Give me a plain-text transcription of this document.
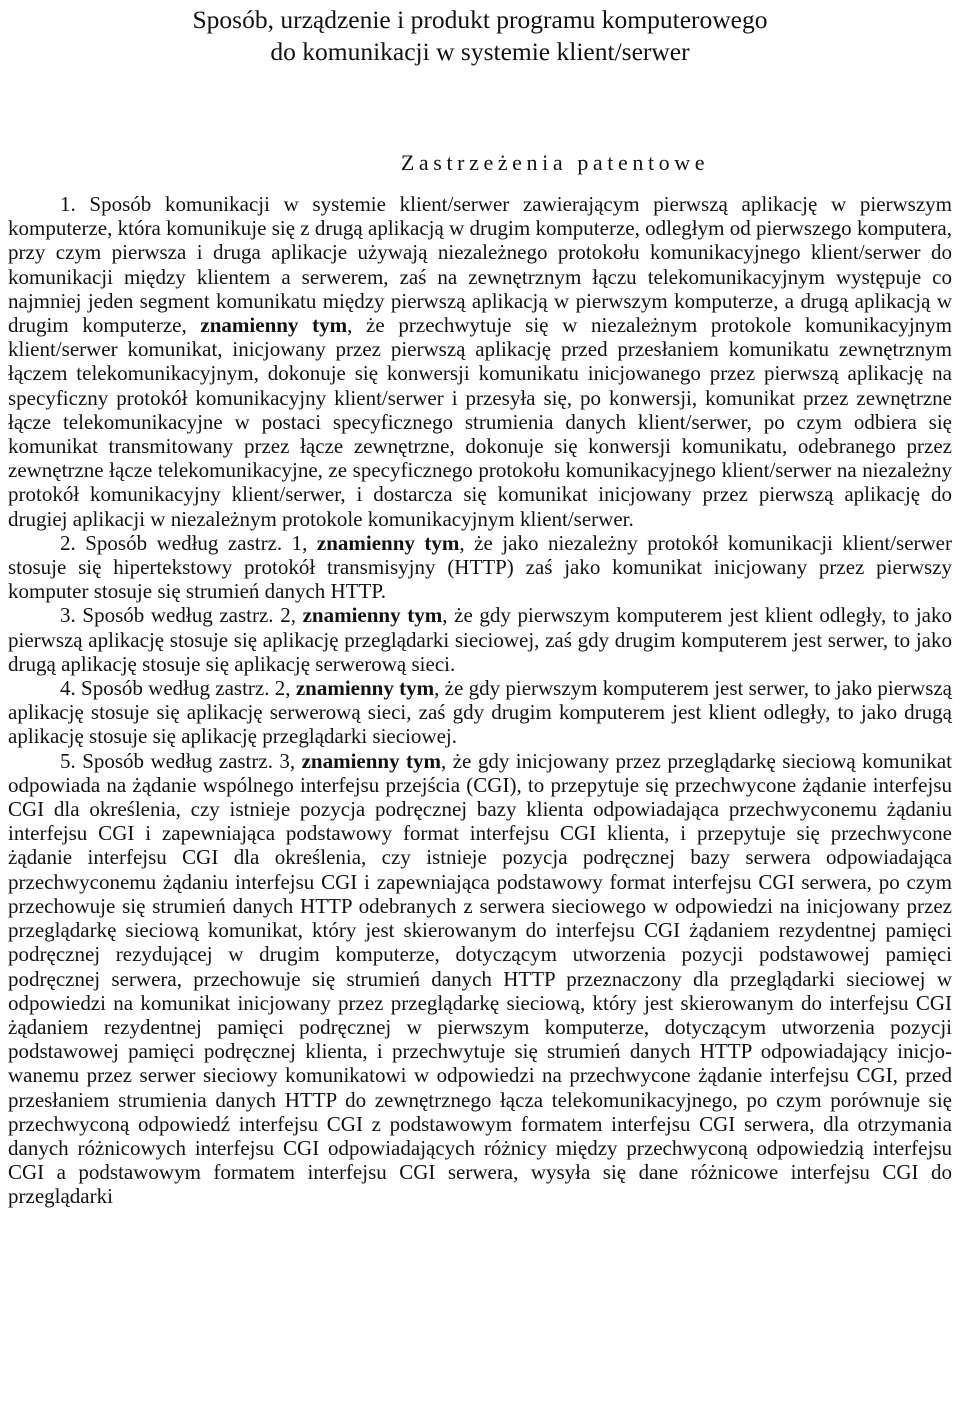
Sposób, urządzenie i produkt programu komputerowego
do komunikacji w systemie klient/serwer
Zastrzeżenia patentowe

1. Sposób komunikacji w systemie klient/serwer zawierającym pierwszą aplikację w pierwszym komputerze, która komunikuje się z drugą aplikacją w drugim komputerze, odległym od pierwszego komputera, przy czym pierwsza i druga aplikacje używają niezależnego protokołu komunikacyjnego klient/serwer do komunikacji między klientem a serwerem, zaś na zewnętrznym łączu telekomunikacyjnym występuje co najmniej jeden segment komunikatu między pierwszą aplikacją w pierwszym komputerze, a drugą aplikacją w drugim komputerze, znamienny tym, że przechwytuje się w niezależnym protokole komunikacyjnym klient/serwer komunikat, inicjowany przez pierwszą aplikację przed przesłaniem komunikatu zewnętrznym łączem telekomunikacyjnym, dokonuje się konwersji komunikatu inicjowanego przez pierwszą aplikację na specyficzny protokół komunikacyjny klient/serwer i przesyła się, po konwersji, komunikat przez zewnętrzne łącze telekomunikacyjne w postaci specyficznego strumienia danych klient/serwer, po czym odbiera się komunikat transmitowany przez łącze zewnętrzne, dokonuje się konwersji komunikatu, odebranego przez zewnętrzne łącze telekomunikacyjne, ze specyficznego protokołu komunikacyjnego klient/serwer na niezależny protokół komunikacyjny klient/serwer, i dostarcza się komunikat inicjowany przez pierwszą aplikację do drugiej aplikacji w niezależnym protokole komunikacyjnym klient/serwer.

2. Sposób według zastrz. 1, znamienny tym, że jako niezależny protokół komunikacji klient/serwer stosuje się hipertekstowy protokół transmisyjny (HTTP) zaś jako komunikat inicjowany przez pierwszy komputer stosuje się strumień danych HTTP.

3. Sposób według zastrz. 2, znamienny tym, że gdy pierwszym komputerem jest klient odległy, to jako pierwszą aplikację stosuje się aplikację przeglądarki sieciowej, zaś gdy drugim komputerem jest serwer, to jako drugą aplikację stosuje się aplikację serwerową sieci.

4. Sposób według zastrz. 2, znamienny tym, że gdy pierwszym komputerem jest serwer, to jako pierwszą aplikację stosuje się aplikację serwerową sieci, zaś gdy drugim komputerem jest klient odległy, to jako drugą aplikację stosuje się aplikację przeglądarki sieciowej.

5. Sposób według zastrz. 3, znamienny tym, że gdy inicjowany przez przeglądarkę sieciową komunikat odpowiada na żądanie wspólnego interfejsu przejścia (CGI), to przepytuje się przechwycone żądanie interfejsu CGI dla określenia, czy istnieje pozycja podręcznej bazy klienta odpowiadająca przechwyconemu żądaniu interfejsu CGI i zapewniająca podstawowy format interfejsu CGI klienta, i przepytuje się przechwycone żądanie interfejsu CGI dla określenia, czy istnieje pozycja podręcznej bazy serwera odpowiadająca przechwyconemu żądaniu interfejsu CGI i zapewniająca podstawowy format interfejsu CGI serwera, po czym przechowuje się strumień danych HTTP odebranych z serwera sieciowego w odpowiedzi na inicjowany przez przeglądarkę sieciową komunikat, który jest skierowanym do interfejsu CGI żądaniem rezydentnej pamięci podręcznej rezydującej w drugim komputerze, dotyczącym utworzenia pozycji podstawowej pamięci podręcznej serwera, przechowuje się strumień danych HTTP przeznaczony dla przeglądarki sieciowej w odpowiedzi na komunikat inicjowany przez przeglądarkę sieciową, który jest skierowanym do interfejsu CGI żądaniem rezydentnej pamięci podręcznej w pierwszym komputerze, dotyczącym utworzenia pozycji podstawowej pamięci podręcznej klienta, i przechwytuje się strumień danych HTTP odpowiadający inicjowanemu przez serwer sieciowy komunikatowi w odpowiedzi na przechwycone żądanie interfejsu CGI, przed przesłaniem strumienia danych HTTP do zewnętrznego łącza telekomunikacyjnego, po czym porównuje się przechwyconą odpowiedź interfejsu CGI z podstawowym formatem interfejsu CGI serwera, dla otrzymania danych różnicowych interfejsu CGI odpowiadających różnicy między przechwyconą odpowiedzią interfejsu CGI a podstawowym formatem interfejsu CGI serwera, wysyła się dane różnicowe interfejsu CGI do przeglądarki
